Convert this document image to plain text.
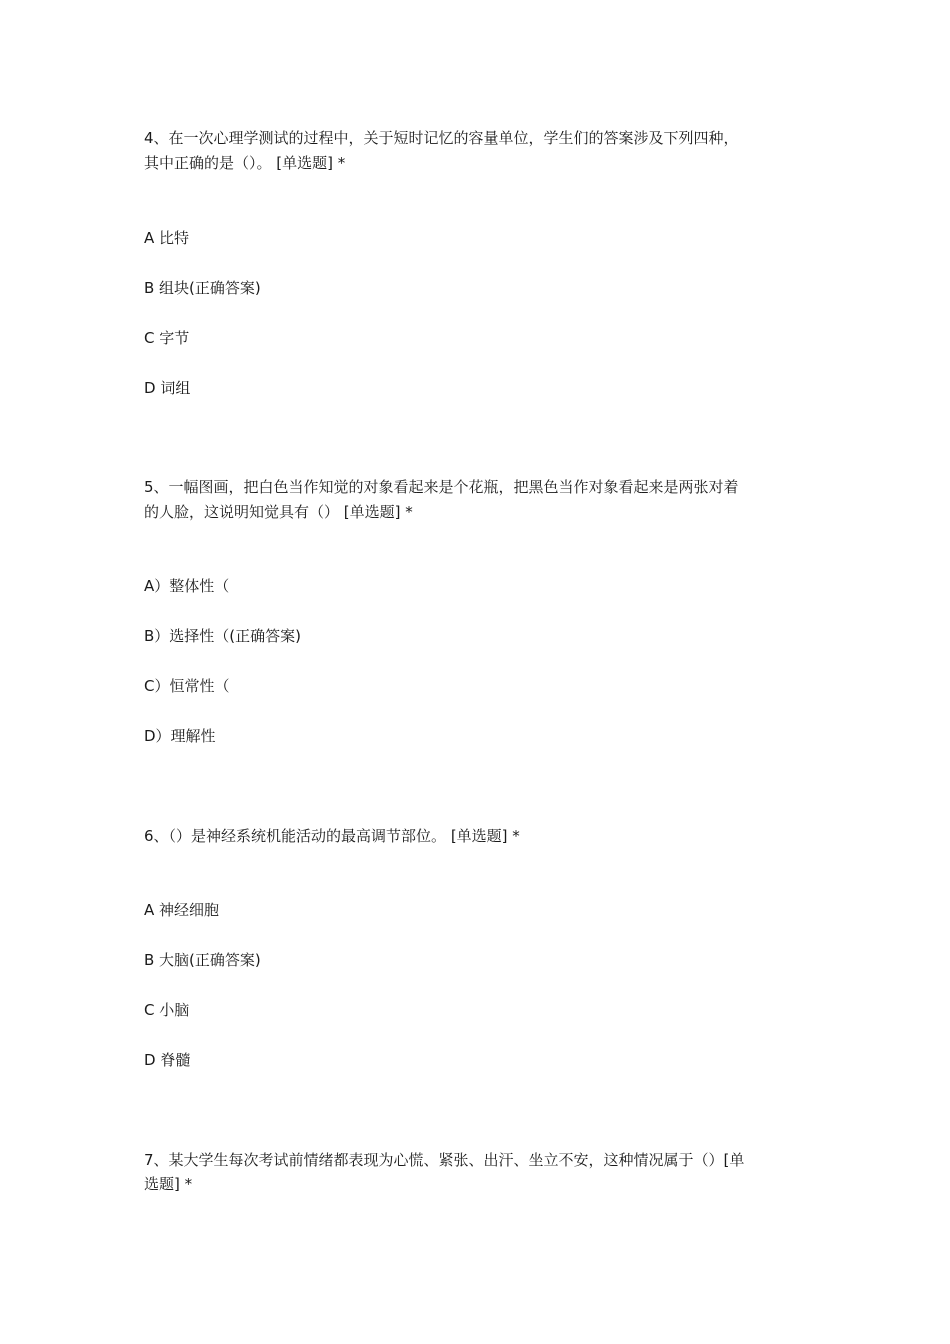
4、在一次心理学测试的过程中，关于短时记忆的容量单位，学生们的答案涉及下列四种，
其中正确的是（）。 [单选题] *
A 比特
B 组块(正确答案)
C 字节
D 词组
5、一幅图画，把白色当作知觉的对象看起来是个花瓶，把黑色当作对象看起来是两张对着
的人脸，这说明知觉具有（） [单选题] *
A）整体性（
B）选择性（(正确答案)
C）恒常性（
D）理解性
6、（）是神经系统机能活动的最高调节部位。 [单选题] *
A 神经细胞
B 大脑(正确答案)
C 小脑
D 脊髓
7、某大学生每次考试前情绪都表现为心慌、紧张、出汗、坐立不安，这种情况属于（）[单
选题] *
